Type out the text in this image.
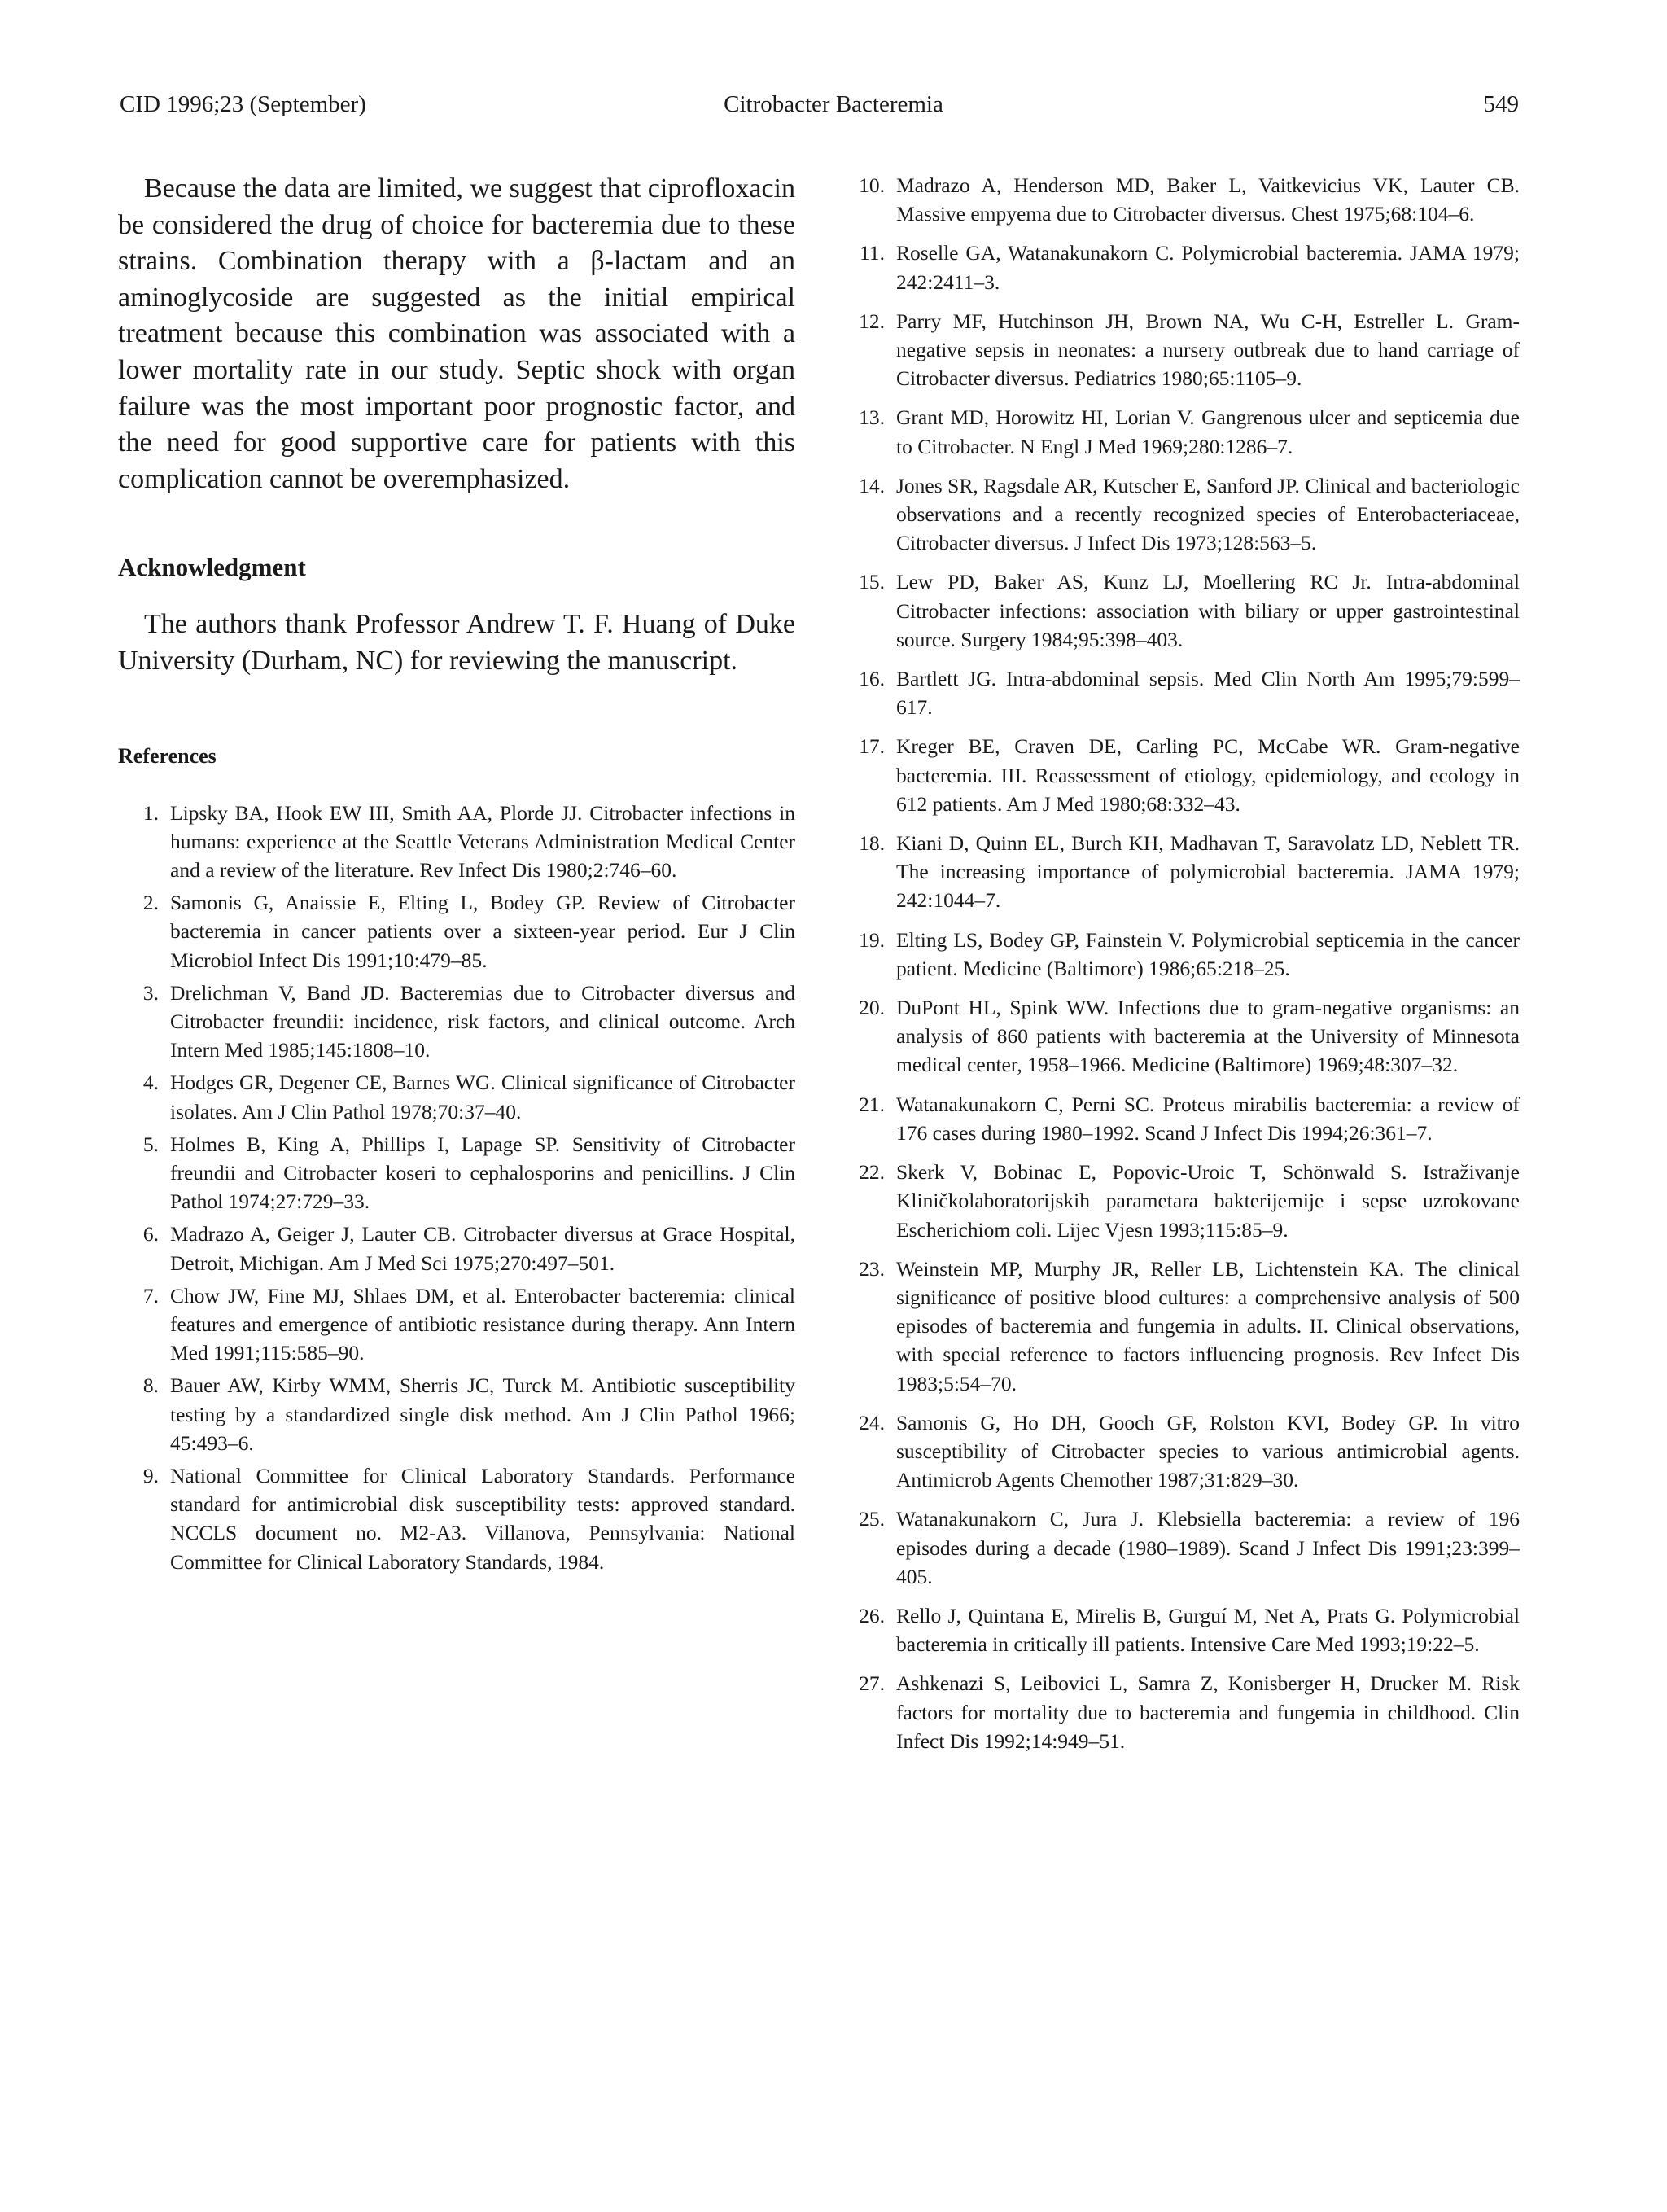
CID 1996;23 (September)	Citrobacter Bacteremia	549

Because the data are limited, we suggest that ciprofloxacin be considered the drug of choice for bacteremia due to these strains. Combination therapy with a β-lactam and an aminoglycoside are suggested as the initial empirical treatment because this combination was associated with a lower mortality rate in our study. Septic shock with organ failure was the most important poor prognostic factor, and the need for good supportive care for patients with this complication cannot be overemphasized.

Acknowledgment

The authors thank Professor Andrew T. F. Huang of Duke University (Durham, NC) for reviewing the manuscript.

References
1. Lipsky BA, Hook EW III, Smith AA, Plorde JJ. Citrobacter infections in humans: experience at the Seattle Veterans Administration Medical Center and a review of the literature. Rev Infect Dis 1980;2:746–60.
2. Samonis G, Anaissie E, Elting L, Bodey GP. Review of Citrobacter bacteremia in cancer patients over a sixteen-year period. Eur J Clin Microbiol Infect Dis 1991;10:479–85.
3. Drelichman V, Band JD. Bacteremias due to Citrobacter diversus and Citrobacter freundii: incidence, risk factors, and clinical outcome. Arch Intern Med 1985;145:1808–10.
4. Hodges GR, Degener CE, Barnes WG. Clinical significance of Citrobacter isolates. Am J Clin Pathol 1978;70:37–40.
5. Holmes B, King A, Phillips I, Lapage SP. Sensitivity of Citrobacter freundii and Citrobacter koseri to cephalosporins and penicillins. J Clin Pathol 1974;27:729–33.
6. Madrazo A, Geiger J, Lauter CB. Citrobacter diversus at Grace Hospital, Detroit, Michigan. Am J Med Sci 1975;270:497–501.
7. Chow JW, Fine MJ, Shlaes DM, et al. Enterobacter bacteremia: clinical features and emergence of antibiotic resistance during therapy. Ann Intern Med 1991;115:585–90.
8. Bauer AW, Kirby WMM, Sherris JC, Turck M. Antibiotic susceptibility testing by a standardized single disk method. Am J Clin Pathol 1966; 45:493–6.
9. National Committee for Clinical Laboratory Standards. Performance standard for antimicrobial disk susceptibility tests: approved standard. NCCLS document no. M2-A3. Villanova, Pennsylvania: National Committee for Clinical Laboratory Standards, 1984.
10. Madrazo A, Henderson MD, Baker L, Vaitkevicius VK, Lauter CB. Massive empyema due to Citrobacter diversus. Chest 1975;68:104–6.
11. Roselle GA, Watanakunakorn C. Polymicrobial bacteremia. JAMA 1979; 242:2411–3.
12. Parry MF, Hutchinson JH, Brown NA, Wu C-H, Estreller L. Gram-negative sepsis in neonates: a nursery outbreak due to hand carriage of Citrobacter diversus. Pediatrics 1980;65:1105–9.
13. Grant MD, Horowitz HI, Lorian V. Gangrenous ulcer and septicemia due to Citrobacter. N Engl J Med 1969;280:1286–7.
14. Jones SR, Ragsdale AR, Kutscher E, Sanford JP. Clinical and bacteriologic observations and a recently recognized species of Enterobacteriaceae, Citrobacter diversus. J Infect Dis 1973;128:563–5.
15. Lew PD, Baker AS, Kunz LJ, Moellering RC Jr. Intra-abdominal Citrobacter infections: association with biliary or upper gastrointestinal source. Surgery 1984;95:398–403.
16. Bartlett JG. Intra-abdominal sepsis. Med Clin North Am 1995;79:599–617.
17. Kreger BE, Craven DE, Carling PC, McCabe WR. Gram-negative bacteremia. III. Reassessment of etiology, epidemiology, and ecology in 612 patients. Am J Med 1980;68:332–43.
18. Kiani D, Quinn EL, Burch KH, Madhavan T, Saravolatz LD, Neblett TR. The increasing importance of polymicrobial bacteremia. JAMA 1979; 242:1044–7.
19. Elting LS, Bodey GP, Fainstein V. Polymicrobial septicemia in the cancer patient. Medicine (Baltimore) 1986;65:218–25.
20. DuPont HL, Spink WW. Infections due to gram-negative organisms: an analysis of 860 patients with bacteremia at the University of Minnesota medical center, 1958–1966. Medicine (Baltimore) 1969;48:307–32.
21. Watanakunakorn C, Perni SC. Proteus mirabilis bacteremia: a review of 176 cases during 1980–1992. Scand J Infect Dis 1994;26:361–7.
22. Skerk V, Bobinac E, Popovic-Uroic T, Schönwald S. Istraživanje Kliničkolaboratorijskih parametara bakterijemije i sepse uzrokovane Escherichiom coli. Lijec Vjesn 1993;115:85–9.
23. Weinstein MP, Murphy JR, Reller LB, Lichtenstein KA. The clinical significance of positive blood cultures: a comprehensive analysis of 500 episodes of bacteremia and fungemia in adults. II. Clinical observations, with special reference to factors influencing prognosis. Rev Infect Dis 1983;5:54–70.
24. Samonis G, Ho DH, Gooch GF, Rolston KVI, Bodey GP. In vitro susceptibility of Citrobacter species to various antimicrobial agents. Antimicrob Agents Chemother 1987;31:829–30.
25. Watanakunakorn C, Jura J. Klebsiella bacteremia: a review of 196 episodes during a decade (1980–1989). Scand J Infect Dis 1991;23:399–405.
26. Rello J, Quintana E, Mirelis B, Gurguí M, Net A, Prats G. Polymicrobial bacteremia in critically ill patients. Intensive Care Med 1993;19:22–5.
27. Ashkenazi S, Leibovici L, Samra Z, Konisberger H, Drucker M. Risk factors for mortality due to bacteremia and fungemia in childhood. Clin Infect Dis 1992;14:949–51.
